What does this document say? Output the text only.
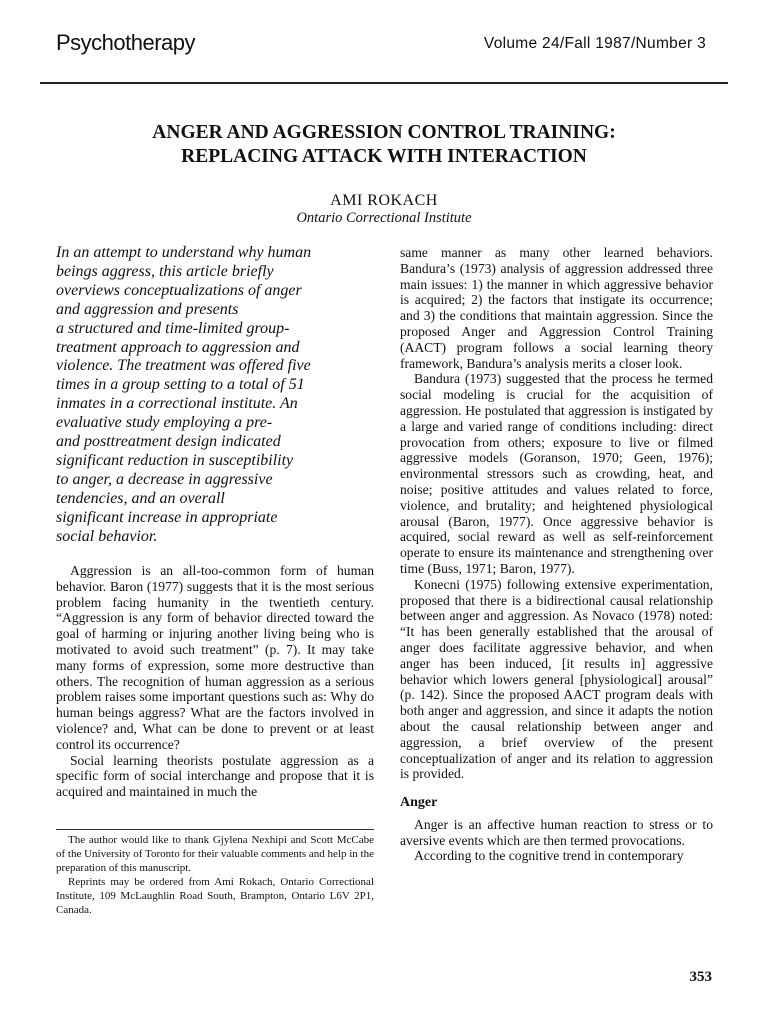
Psychotherapy	Volume 24/Fall 1987/Number 3
ANGER AND AGGRESSION CONTROL TRAINING:
REPLACING ATTACK WITH INTERACTION
AMI ROKACH
Ontario Correctional Institute
In an attempt to understand why human
beings aggress, this article briefly
overviews conceptualizations of anger
and aggression and presents
a structured and time-limited group-
treatment approach to aggression and
violence. The treatment was offered five
times in a group setting to a total of 51
inmates in a correctional institute. An
evaluative study employing a pre-
and posttreatment design indicated
significant reduction in susceptibility
to anger, a decrease in aggressive
tendencies, and an overall
significant increase in appropriate
social behavior.

Aggression is an all-too-common form of human behavior. Baron (1977) suggests that it is the most serious problem facing humanity in the twentieth century. “Aggression is any form of behavior directed toward the goal of harming or injuring another living being who is motivated to avoid such treatment” (p. 7). It may take many forms of expression, some more destructive than others. The recognition of human aggression as a serious problem raises some important questions such as: Why do human beings aggress? What are the factors involved in violence? and, What can be done to prevent or at least control its occurrence?

Social learning theorists postulate aggression as a specific form of social interchange and propose that it is acquired and maintained in much the

The author would like to thank Gjylena Nexhipi and Scott McCabe of the University of Toronto for their valuable comments and help in the preparation of this manuscript.

Reprints may be ordered from Ami Rokach, Ontario Correctional Institute, 109 McLaughlin Road South, Brampton, Ontario L6V 2P1, Canada.

same manner as many other learned behaviors. Bandura’s (1973) analysis of aggression addressed three main issues: 1) the manner in which aggressive behavior is acquired; 2) the factors that instigate its occurrence; and 3) the conditions that maintain aggression. Since the proposed Anger and Aggression Control Training (AACT) program follows a social learning theory framework, Bandura’s analysis merits a closer look.

Bandura (1973) suggested that the process he termed social modeling is crucial for the acquisition of aggression. He postulated that aggression is instigated by a large and varied range of conditions including: direct provocation from others; exposure to live or filmed aggressive models (Goranson, 1970; Geen, 1976); environmental stressors such as crowding, heat, and noise; positive attitudes and values related to force, violence, and brutality; and heightened physiological arousal (Baron, 1977). Once aggressive behavior is acquired, social reward as well as self-reinforcement operate to ensure its maintenance and strengthening over time (Buss, 1971; Baron, 1977).

Konecni (1975) following extensive experimentation, proposed that there is a bidirectional causal relationship between anger and aggression. As Novaco (1978) noted: “It has been generally established that the arousal of anger does facilitate aggressive behavior, and when anger has been induced, [it results in] aggressive behavior which lowers general [physiological] arousal” (p. 142). Since the proposed AACT program deals with both anger and aggression, and since it adapts the notion about the causal relationship between anger and aggression, a brief overview of the present conceptualization of anger and its relation to aggression is provided.

Anger

Anger is an affective human reaction to stress or to aversive events which are then termed provocations.

According to the cognitive trend in contemporary

353
